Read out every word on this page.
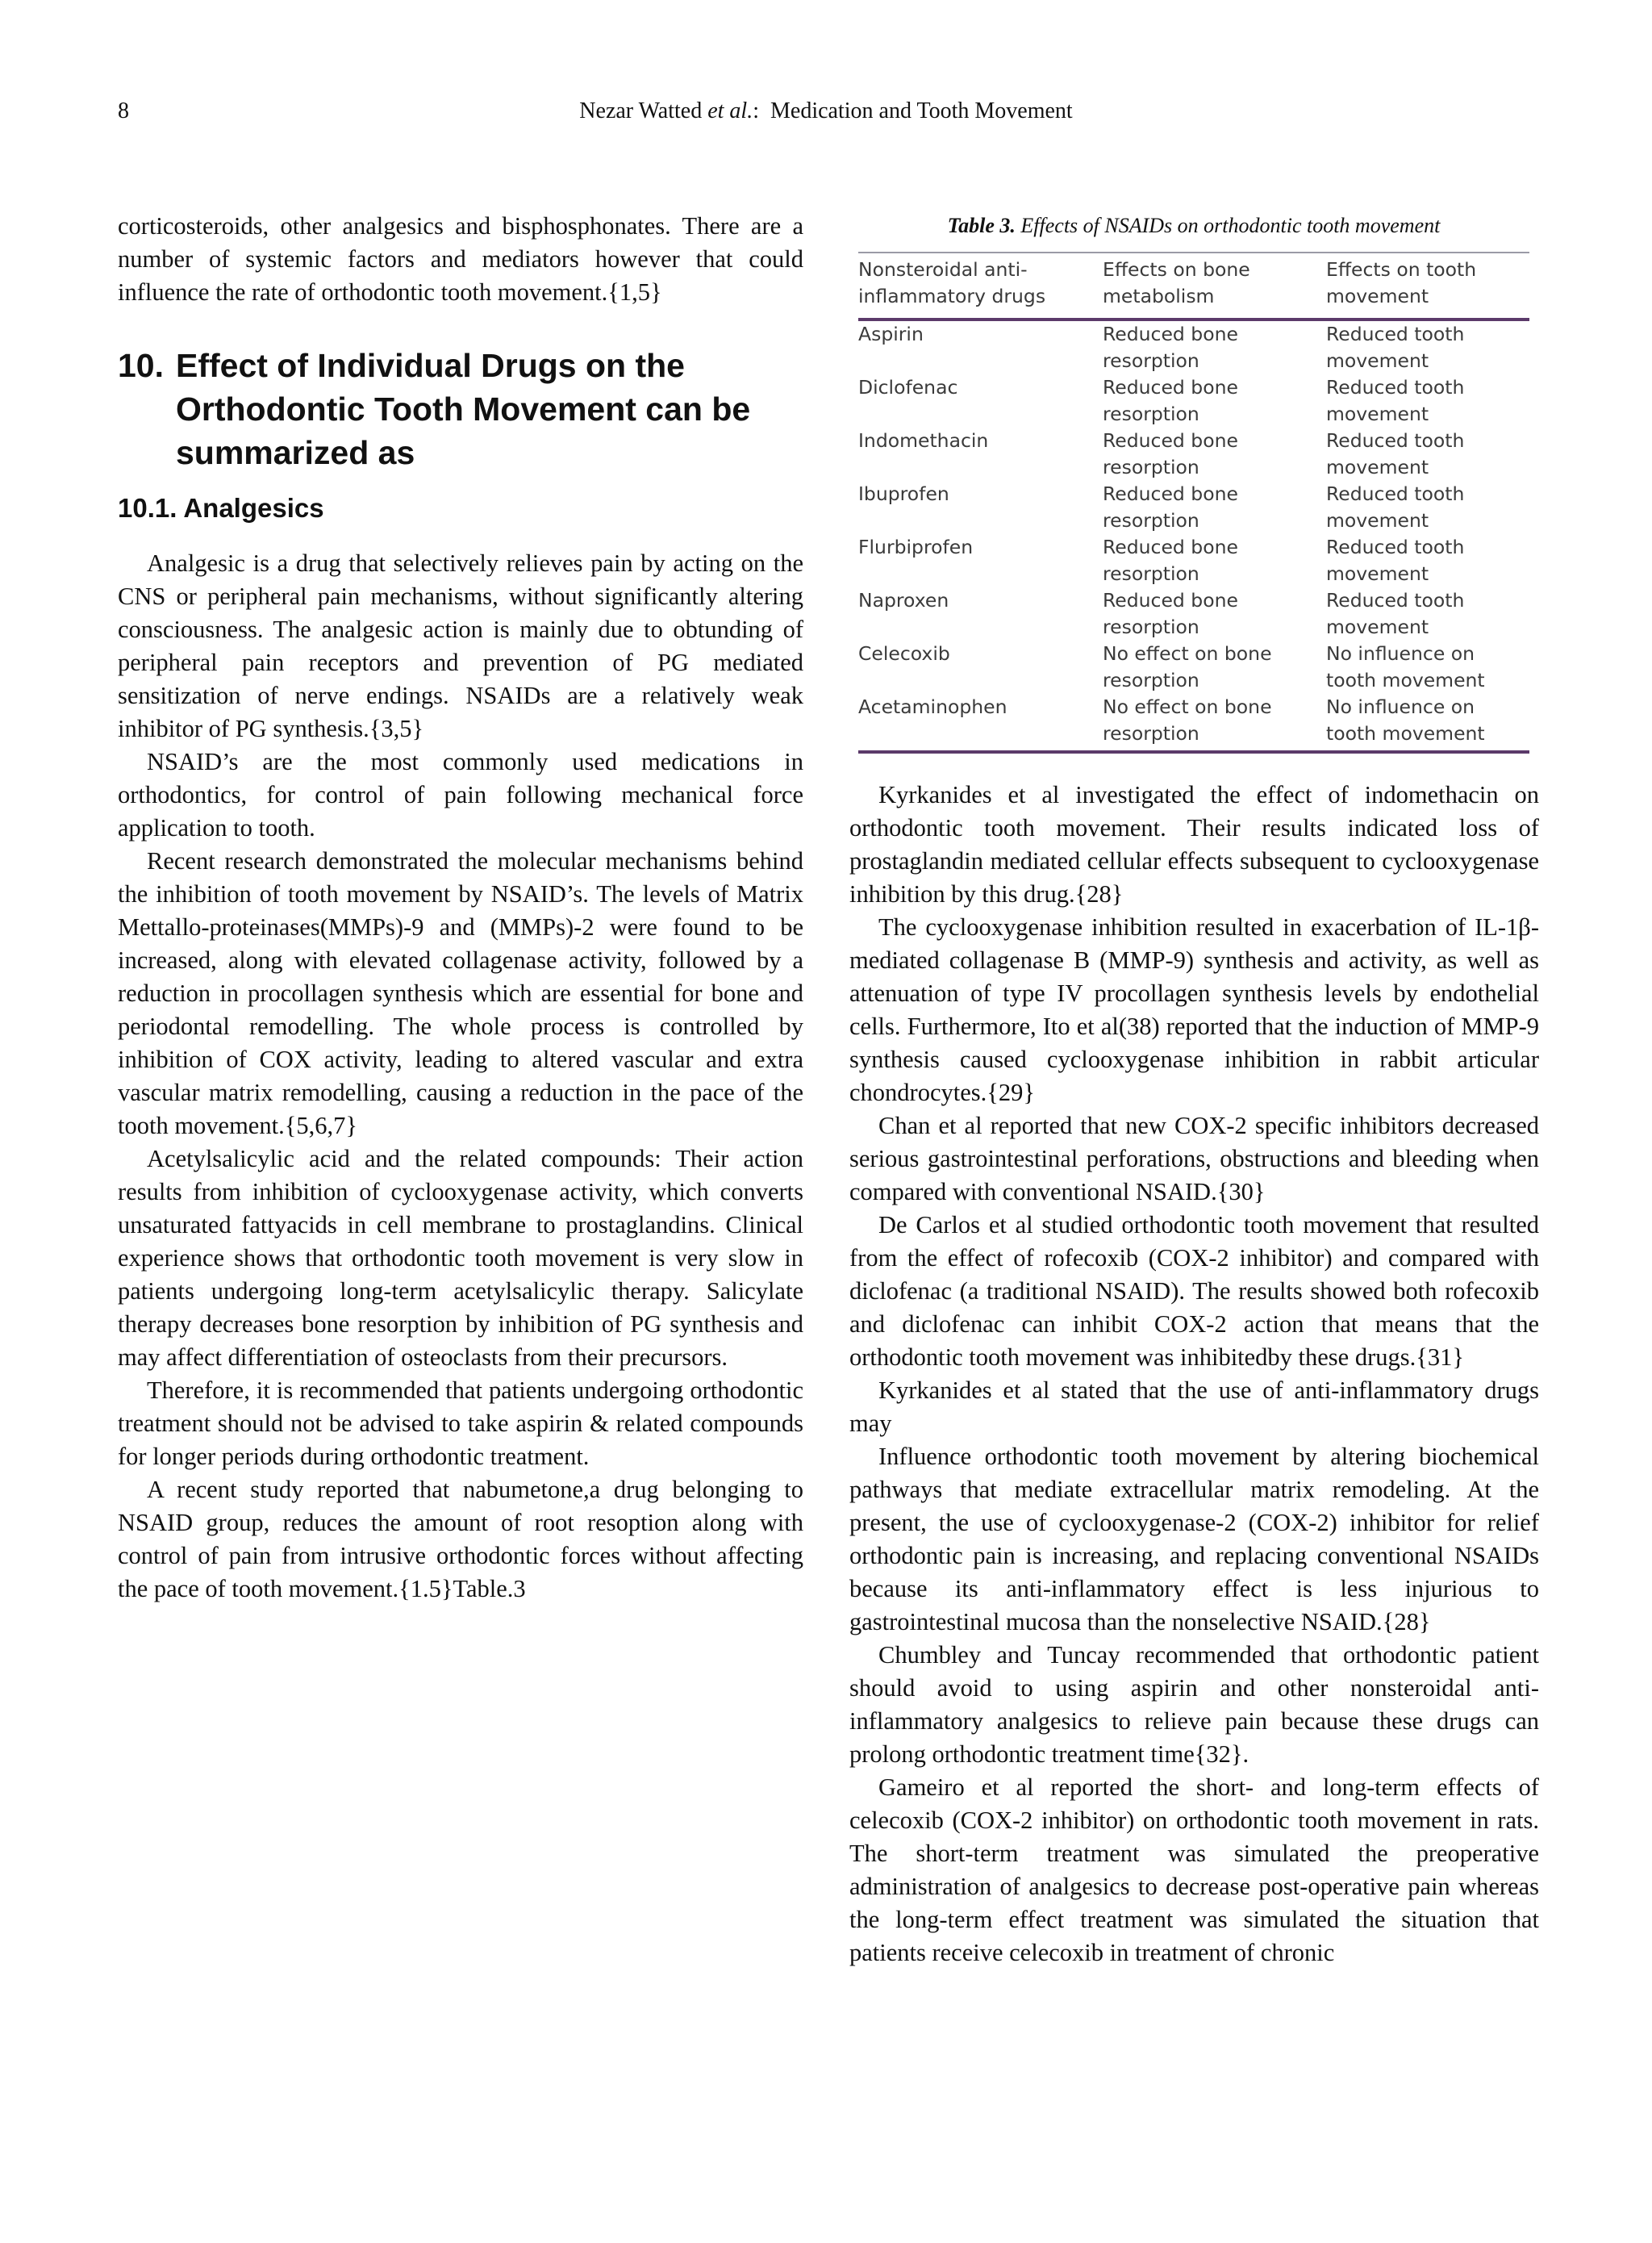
8	Nezar Watted et al.: Medication and Tooth Movement

corticosteroids, other analgesics and bisphosphonates. There are a number of systemic factors and mediators however that could influence the rate of orthodontic tooth movement.{1,5}

10. Effect of Individual Drugs on the Orthodontic Tooth Movement can be summarized as
10.1. Analgesics

Analgesic is a drug that selectively relieves pain by acting on the CNS or peripheral pain mechanisms, without significantly altering consciousness. The analgesic action is mainly due to obtunding of peripheral pain receptors and prevention of PG mediated sensitization of nerve endings. NSAIDs are a relatively weak inhibitor of PG synthesis.{3,5}

NSAID’s are the most commonly used medications in orthodontics, for control of pain following mechanical force application to tooth.

Recent research demonstrated the molecular mechanisms behind the inhibition of tooth movement by NSAID’s. The levels of Matrix Mettallo-proteinases(MMPs)-9 and (MMPs)-2 were found to be increased, along with elevated collagenase activity, followed by a reduction in procollagen synthesis which are essential for bone and periodontal remodelling. The whole process is controlled by inhibition of COX activity, leading to altered vascular and extra vascular matrix remodelling, causing a reduction in the pace of the tooth movement.{5,6,7}

Acetylsalicylic acid and the related compounds: Their action results from inhibition of cyclooxygenase activity, which converts unsaturated fattyacids in cell membrane to prostaglandins. Clinical experience shows that orthodontic tooth movement is very slow in patients undergoing long-term acetylsalicylic therapy. Salicylate therapy decreases bone resorption by inhibition of PG synthesis and may affect differentiation of osteoclasts from their precursors.

Therefore, it is recommended that patients undergoing orthodontic treatment should not be advised to take aspirin & related compounds for longer periods during orthodontic treatment.

A recent study reported that nabumetone,a drug belonging to NSAID group, reduces the amount of root resoption along with control of pain from intrusive orthodontic forces without affecting the pace of tooth movement.{1.5}Table.3

Table 3. Effects of NSAIDs on orthodontic tooth movement
Nonsteroidal anti-inflammatory drugs	Effects on bone metabolism	Effects on tooth movement
Aspirin	Reduced bone resorption	Reduced tooth movement
Diclofenac	Reduced bone resorption	Reduced tooth movement
Indomethacin	Reduced bone resorption	Reduced tooth movement
Ibuprofen	Reduced bone resorption	Reduced tooth movement
Flurbiprofen	Reduced bone resorption	Reduced tooth movement
Naproxen	Reduced bone resorption	Reduced tooth movement
Celecoxib	No effect on bone resorption	No influence on tooth movement
Acetaminophen	No effect on bone resorption	No influence on tooth movement

Kyrkanides et al investigated the effect of indomethacin on orthodontic tooth movement. Their results indicated loss of prostaglandin mediated cellular effects subsequent to cyclooxygenase inhibition by this drug.{28}

The cyclooxygenase inhibition resulted in exacerbation of IL-1β-mediated collagenase B (MMP-9) synthesis and activity, as well as attenuation of type IV procollagen synthesis levels by endothelial cells. Furthermore, Ito et al(38) reported that the induction of MMP-9 synthesis caused cyclooxygenase inhibition in rabbit articular chondrocytes.{29}

Chan et al reported that new COX-2 specific inhibitors decreased serious gastrointestinal perforations, obstructions and bleeding when compared with conventional NSAID.{30}

De Carlos et al studied orthodontic tooth movement that resulted from the effect of rofecoxib (COX-2 inhibitor) and compared with diclofenac (a traditional NSAID). The results showed both rofecoxib and diclofenac can inhibit COX-2 action that means that the orthodontic tooth movement was inhibitedby these drugs.{31}

Kyrkanides et al stated that the use of anti-inflammatory drugs may

Influence orthodontic tooth movement by altering biochemical pathways that mediate extracellular matrix remodeling. At the present, the use of cyclooxygenase-2 (COX-2) inhibitor for relief orthodontic pain is increasing, and replacing conventional NSAIDs because its anti-inflammatory effect is less injurious to gastrointestinal mucosa than the nonselective NSAID.{28}

Chumbley and Tuncay recommended that orthodontic patient should avoid to using aspirin and other nonsteroidal anti-inflammatory analgesics to relieve pain because these drugs can prolong orthodontic treatment time{32}.

Gameiro et al reported the short- and long-term effects of celecoxib (COX-2 inhibitor) on orthodontic tooth movement in rats. The short-term treatment was simulated the preoperative administration of analgesics to decrease post-operative pain whereas the long-term effect treatment was simulated the situation that patients receive celecoxib in treatment of chronic
